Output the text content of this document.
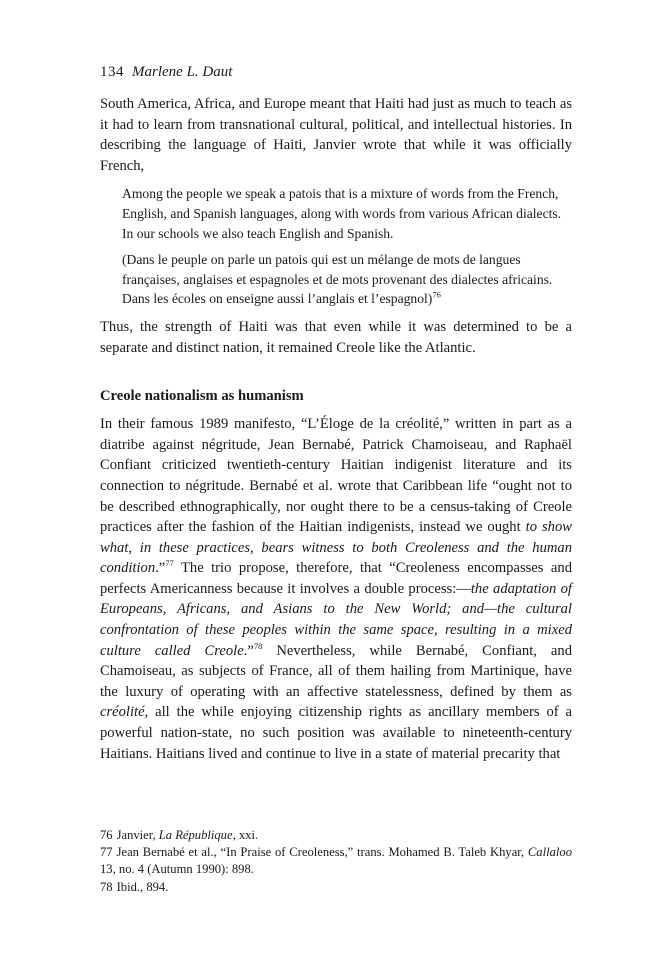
134 Marlene L. Daut

South America, Africa, and Europe meant that Haiti had just as much to teach as it had to learn from transnational cultural, political, and intellectual histories. In describing the language of Haiti, Janvier wrote that while it was officially French,

Among the people we speak a patois that is a mixture of words from the French, English, and Spanish languages, along with words from various African dialects. In our schools we also teach English and Spanish.

(Dans le peuple on parle un patois qui est un mélange de mots de langues françaises, anglaises et espagnoles et de mots provenant des dialectes africains. Dans les écoles on enseigne aussi l’anglais et l’espagnol)$^{76}$

Thus, the strength of Haiti was that even while it was determined to be a separate and distinct nation, it remained Creole like the Atlantic.

Creole nationalism as humanism

In their famous 1989 manifesto, “L’Éloge de la créolité,” written in part as a diatribe against négritude, Jean Bernabé, Patrick Chamoiseau, and Raphaël Confiant criticized twentieth-century Haitian indigenist literature and its connection to négritude. Bernabé et al. wrote that Caribbean life “ought not to be described ethnographically, nor ought there to be a census-taking of Creole practices after the fashion of the Haitian indigenists, instead we ought to show what, in these practices, bears witness to both Creoleness and the human condition.”$^{77}$ The trio propose, therefore, that “Creoleness encompasses and perfects Americanness because it involves a double process:—the adaptation of Europeans, Africans, and Asians to the New World; and—the cultural confrontation of these peoples within the same space, resulting in a mixed culture called Creole.”$^{78}$ Nevertheless, while Bernabé, Confiant, and Chamoiseau, as subjects of France, all of them hailing from Martinique, have the luxury of operating with an affective statelessness, defined by them as créolité, all the while enjoying citizenship rights as ancillary members of a powerful nation-state, no such position was available to nineteenth-century Haitians. Haitians lived and continue to live in a state of material precarity that

76 Janvier, La République, xxi.

77 Jean Bernabé et al., “In Praise of Creoleness,” trans. Mohamed B. Taleb Khyar, Callaloo 13, no. 4 (Autumn 1990): 898.

78 Ibid., 894.
